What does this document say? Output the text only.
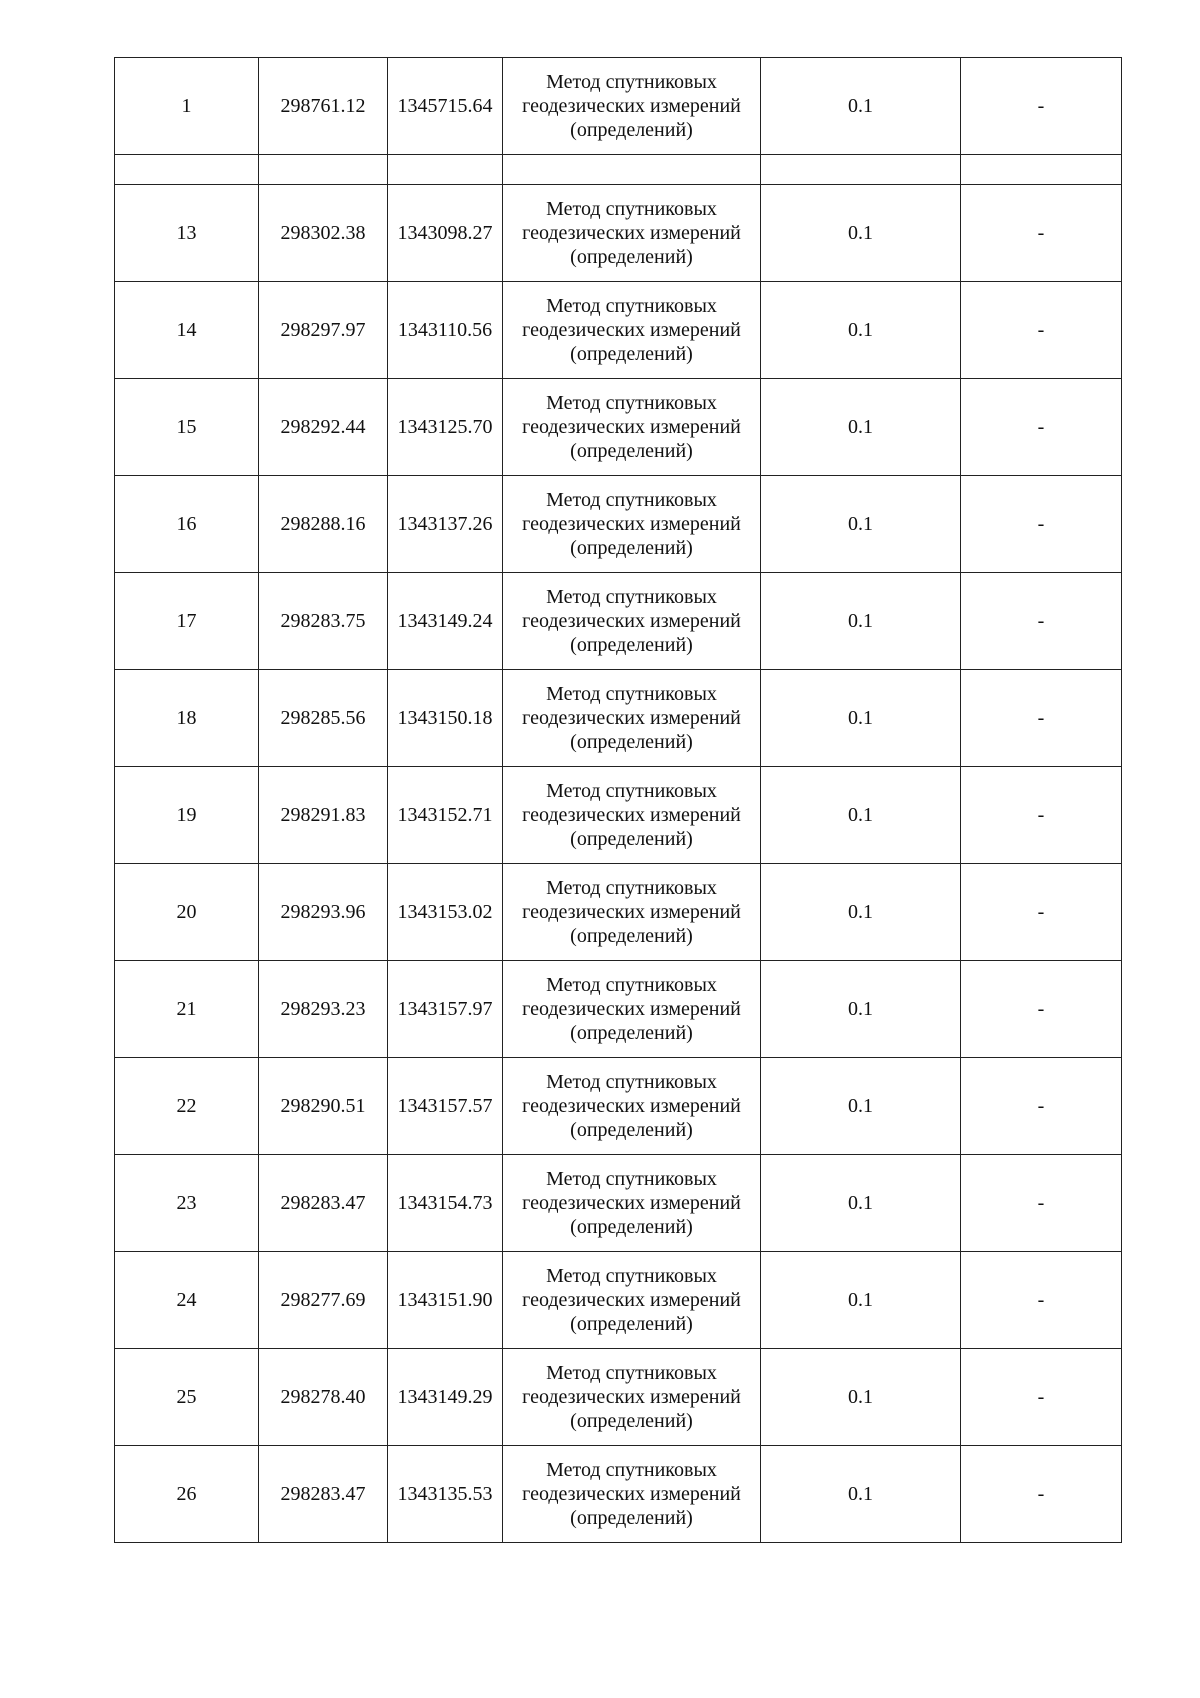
1	298761.12	1345715.64	Метод спутниковых геодезических измерений (определений)	0.1	-

13	298302.38	1343098.27	Метод спутниковых геодезических измерений (определений)	0.1	-
14	298297.97	1343110.56	Метод спутниковых геодезических измерений (определений)	0.1	-
15	298292.44	1343125.70	Метод спутниковых геодезических измерений (определений)	0.1	-
16	298288.16	1343137.26	Метод спутниковых геодезических измерений (определений)	0.1	-
17	298283.75	1343149.24	Метод спутниковых геодезических измерений (определений)	0.1	-
18	298285.56	1343150.18	Метод спутниковых геодезических измерений (определений)	0.1	-
19	298291.83	1343152.71	Метод спутниковых геодезических измерений (определений)	0.1	-
20	298293.96	1343153.02	Метод спутниковых геодезических измерений (определений)	0.1	-
21	298293.23	1343157.97	Метод спутниковых геодезических измерений (определений)	0.1	-
22	298290.51	1343157.57	Метод спутниковых геодезических измерений (определений)	0.1	-
23	298283.47	1343154.73	Метод спутниковых геодезических измерений (определений)	0.1	-
24	298277.69	1343151.90	Метод спутниковых геодезических измерений (определений)	0.1	-
25	298278.40	1343149.29	Метод спутниковых геодезических измерений (определений)	0.1	-
26	298283.47	1343135.53	Метод спутниковых геодезических измерений (определений)	0.1	-
